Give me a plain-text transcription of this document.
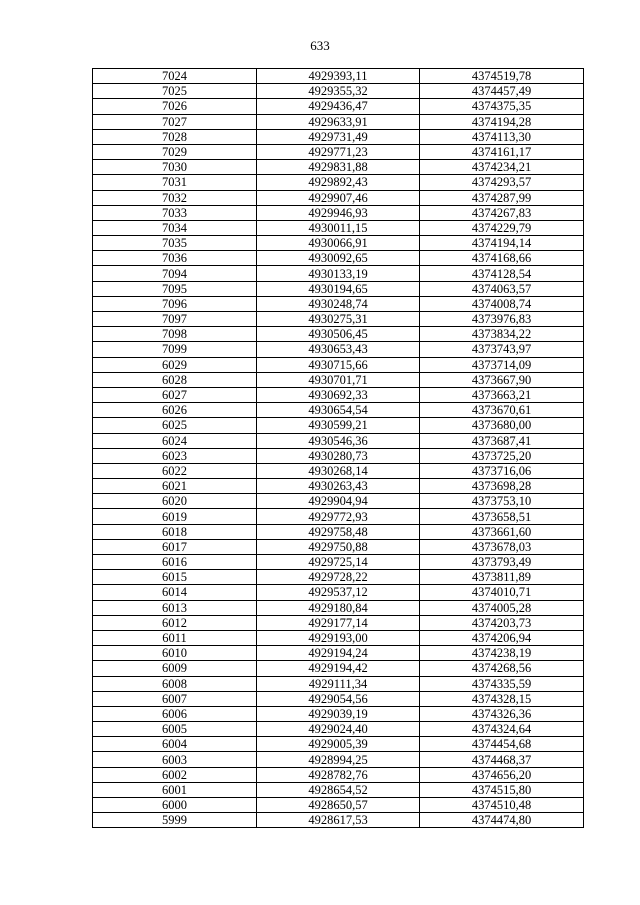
633
7024	4929393,11	4374519,78
7025	4929355,32	4374457,49
7026	4929436,47	4374375,35
7027	4929633,91	4374194,28
7028	4929731,49	4374113,30
7029	4929771,23	4374161,17
7030	4929831,88	4374234,21
7031	4929892,43	4374293,57
7032	4929907,46	4374287,99
7033	4929946,93	4374267,83
7034	4930011,15	4374229,79
7035	4930066,91	4374194,14
7036	4930092,65	4374168,66
7094	4930133,19	4374128,54
7095	4930194,65	4374063,57
7096	4930248,74	4374008,74
7097	4930275,31	4373976,83
7098	4930506,45	4373834,22
7099	4930653,43	4373743,97
6029	4930715,66	4373714,09
6028	4930701,71	4373667,90
6027	4930692,33	4373663,21
6026	4930654,54	4373670,61
6025	4930599,21	4373680,00
6024	4930546,36	4373687,41
6023	4930280,73	4373725,20
6022	4930268,14	4373716,06
6021	4930263,43	4373698,28
6020	4929904,94	4373753,10
6019	4929772,93	4373658,51
6018	4929758,48	4373661,60
6017	4929750,88	4373678,03
6016	4929725,14	4373793,49
6015	4929728,22	4373811,89
6014	4929537,12	4374010,71
6013	4929180,84	4374005,28
6012	4929177,14	4374203,73
6011	4929193,00	4374206,94
6010	4929194,24	4374238,19
6009	4929194,42	4374268,56
6008	4929111,34	4374335,59
6007	4929054,56	4374328,15
6006	4929039,19	4374326,36
6005	4929024,40	4374324,64
6004	4929005,39	4374454,68
6003	4928994,25	4374468,37
6002	4928782,76	4374656,20
6001	4928654,52	4374515,80
6000	4928650,57	4374510,48
5999	4928617,53	4374474,80
